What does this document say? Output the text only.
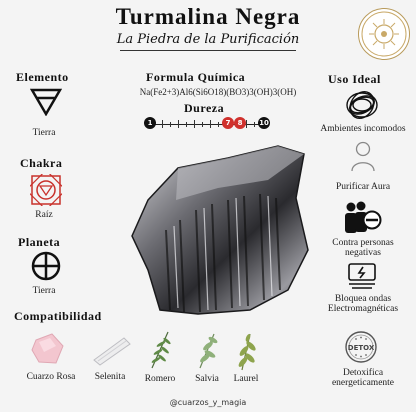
Turmalina Negra
La Piedra de la Purificación
Elemento
Tierra
Chakra
Raíz
Planeta
Tierra
Formula Química
Na(Fe2+3)Al6(Si6O18)(BO3)3(OH)3(OH)
Dureza
1	7	8	10
Uso Ideal
Ambientes incomodos
Purificar Aura
Contra personas negativas
Bloquea ondas Electromagnéticas
DETOX
Detoxifica energeticamente
Compatibilidad
Cuarzo Rosa	Selenita	Romero	Salvia	Laurel
@cuarzos_y_magia
